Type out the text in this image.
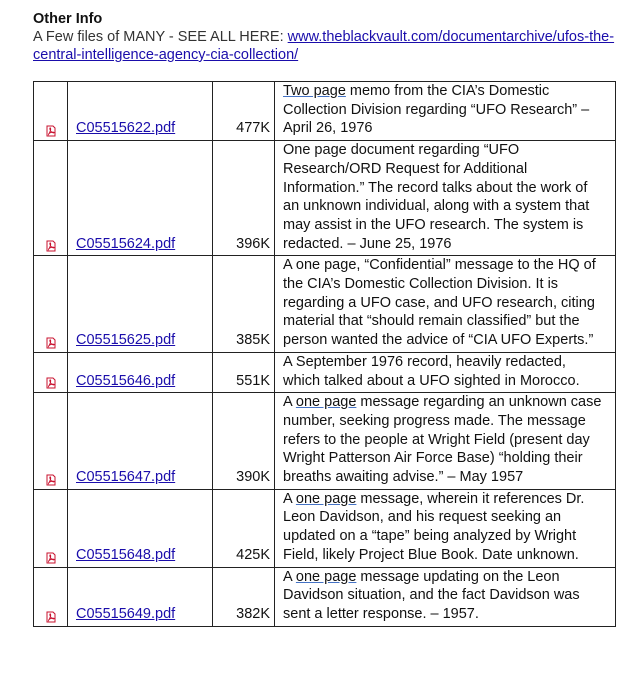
Other Info
A Few files of MANY - SEE ALL HERE: www.theblackvault.com/documentarchive/ufos-the-central-intelligence-agency-cia-collection/
	C05515622.pdf	477K	Two page memo from the CIA’s Domestic Collection Division regarding “UFO Research” – April 26, 1976
	C05515624.pdf	396K	One page document regarding “UFO Research/ORD Request for Additional Information.” The record talks about the work of an unknown individual, along with a system that may assist in the UFO research. The system is redacted. – June 25, 1976
	C05515625.pdf	385K	A one page, “Confidential” message to the HQ of the CIA’s Domestic Collection Division. It is regarding a UFO case, and UFO research, citing material that “should remain classified” but the person wanted the advice of “CIA UFO Experts.”
	C05515646.pdf	551K	A September 1976 record, heavily redacted, which talked about a UFO sighted in Morocco.
	C05515647.pdf	390K	A one page message regarding an unknown case number, seeking progress made. The message refers to the people at Wright Field (present day Wright Patterson Air Force Base) “holding their breaths awaiting advise.” – May 1957
	C05515648.pdf	425K	A one page message, wherein it references Dr. Leon Davidson, and his request seeking an updated on a “tape” being analyzed by Wright Field, likely Project Blue Book. Date unknown.
	C05515649.pdf	382K	A one page message updating on the Leon Davidson situation, and the fact Davidson was sent a letter response. – 1957.
